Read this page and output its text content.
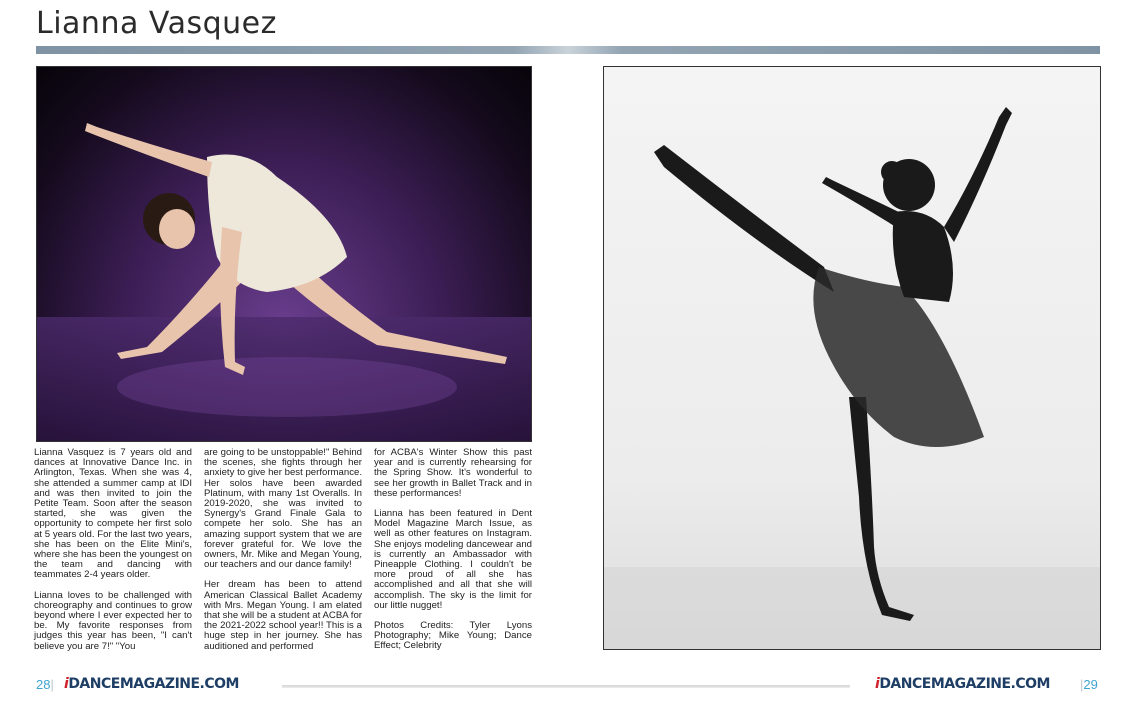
Lianna Vasquez

Lianna Vasquez is 7 years old and dances at Innovative Dance Inc. in Arlington, Texas. When she was 4, she attended a summer camp at IDI and was then invited to join the Petite Team. Soon after the season started, she was given the opportunity to compete her first solo at 5 years old. For the last two years, she has been on the Elite Mini's, where she has been the youngest on the team and dancing with teammates 2-4 years older.

Lianna loves to be challenged with choreography and continues to grow beyond where I ever expected her to be. My favorite responses from judges this year has been, "I can't believe you are 7!" "You

are going to be unstoppable!" Behind the scenes, she fights through her anxiety to give her best performance. Her solos have been awarded Platinum, with many 1st Overalls. In 2019-2020, she was invited to Synergy's Grand Finale Gala to compete her solo. She has an amazing support system that we are forever grateful for. We love the owners, Mr. Mike and Megan Young, our teachers and our dance family!

Her dream has been to attend American Classical Ballet Academy with Mrs. Megan Young. I am elated that she will be a student at ACBA for the 2021-2022 school year!! This is a huge step in her journey. She has auditioned and performed

for ACBA's Winter Show this past year and is currently rehearsing for the Spring Show. It's wonderful to see her growth in Ballet Track and in these performances!

Lianna has been featured in Dent Model Magazine March Issue, as well as other features on Instagram. She enjoys modeling dancewear and is currently an Ambassador with Pineapple Clothing. I couldn't be more proud of all she has accomplished and all that she will accomplish. The sky is the limit for our little nugget!

Photos Credits: Tyler Lyons Photography; Mike Young; Dance Effect; Celebrity

28| iDANCEMAGAZINE.COM	iDANCEMAGAZINE.COM |29
